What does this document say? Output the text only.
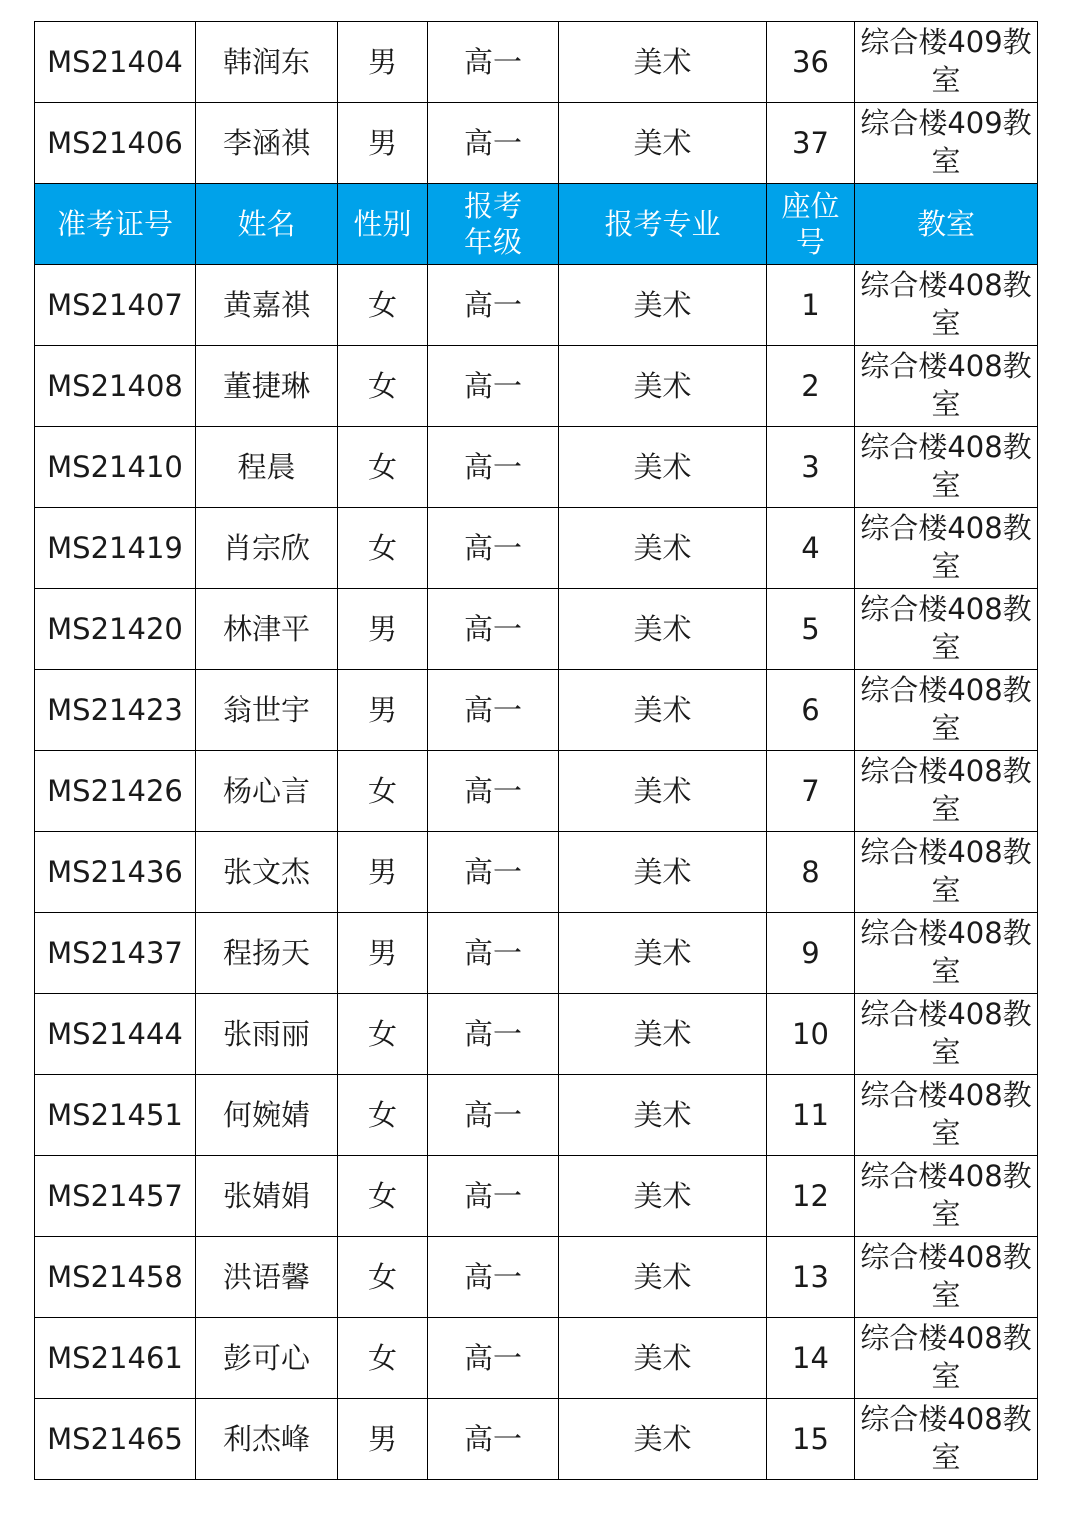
MS21404	韩润东	男	高一	美术	36	综合楼409教
室

MS21406	李涵祺	男	高一	美术	37	综合楼409教
室

准考证号	姓名	性别	报考年级	报考专业	座位号	教室
MS21407	黄嘉祺	女	高一	美术	1	综合楼408教
室

MS21408	董捷琳	女	高一	美术	2	综合楼408教
室

MS21410	程晨	女	高一	美术	3	综合楼408教
室

MS21419	肖宗欣	女	高一	美术	4	综合楼408教
室

MS21420	林津平	男	高一	美术	5	综合楼408教
室

MS21423	翁世宇	男	高一	美术	6	综合楼408教
室

MS21426	杨心言	女	高一	美术	7	综合楼408教
室

MS21436	张文杰	男	高一	美术	8	综合楼408教
室

MS21437	程扬天	男	高一	美术	9	综合楼408教
室

MS21444	张雨丽	女	高一	美术	10	综合楼408教
室

MS21451	何婉婧	女	高一	美术	11	综合楼408教
室

MS21457	张婧娟	女	高一	美术	12	综合楼408教
室

MS21458	洪语馨	女	高一	美术	13	综合楼408教
室

MS21461	彭可心	女	高一	美术	14	综合楼408教
室

MS21465	利杰峰	男	高一	美术	15	综合楼408教
室
